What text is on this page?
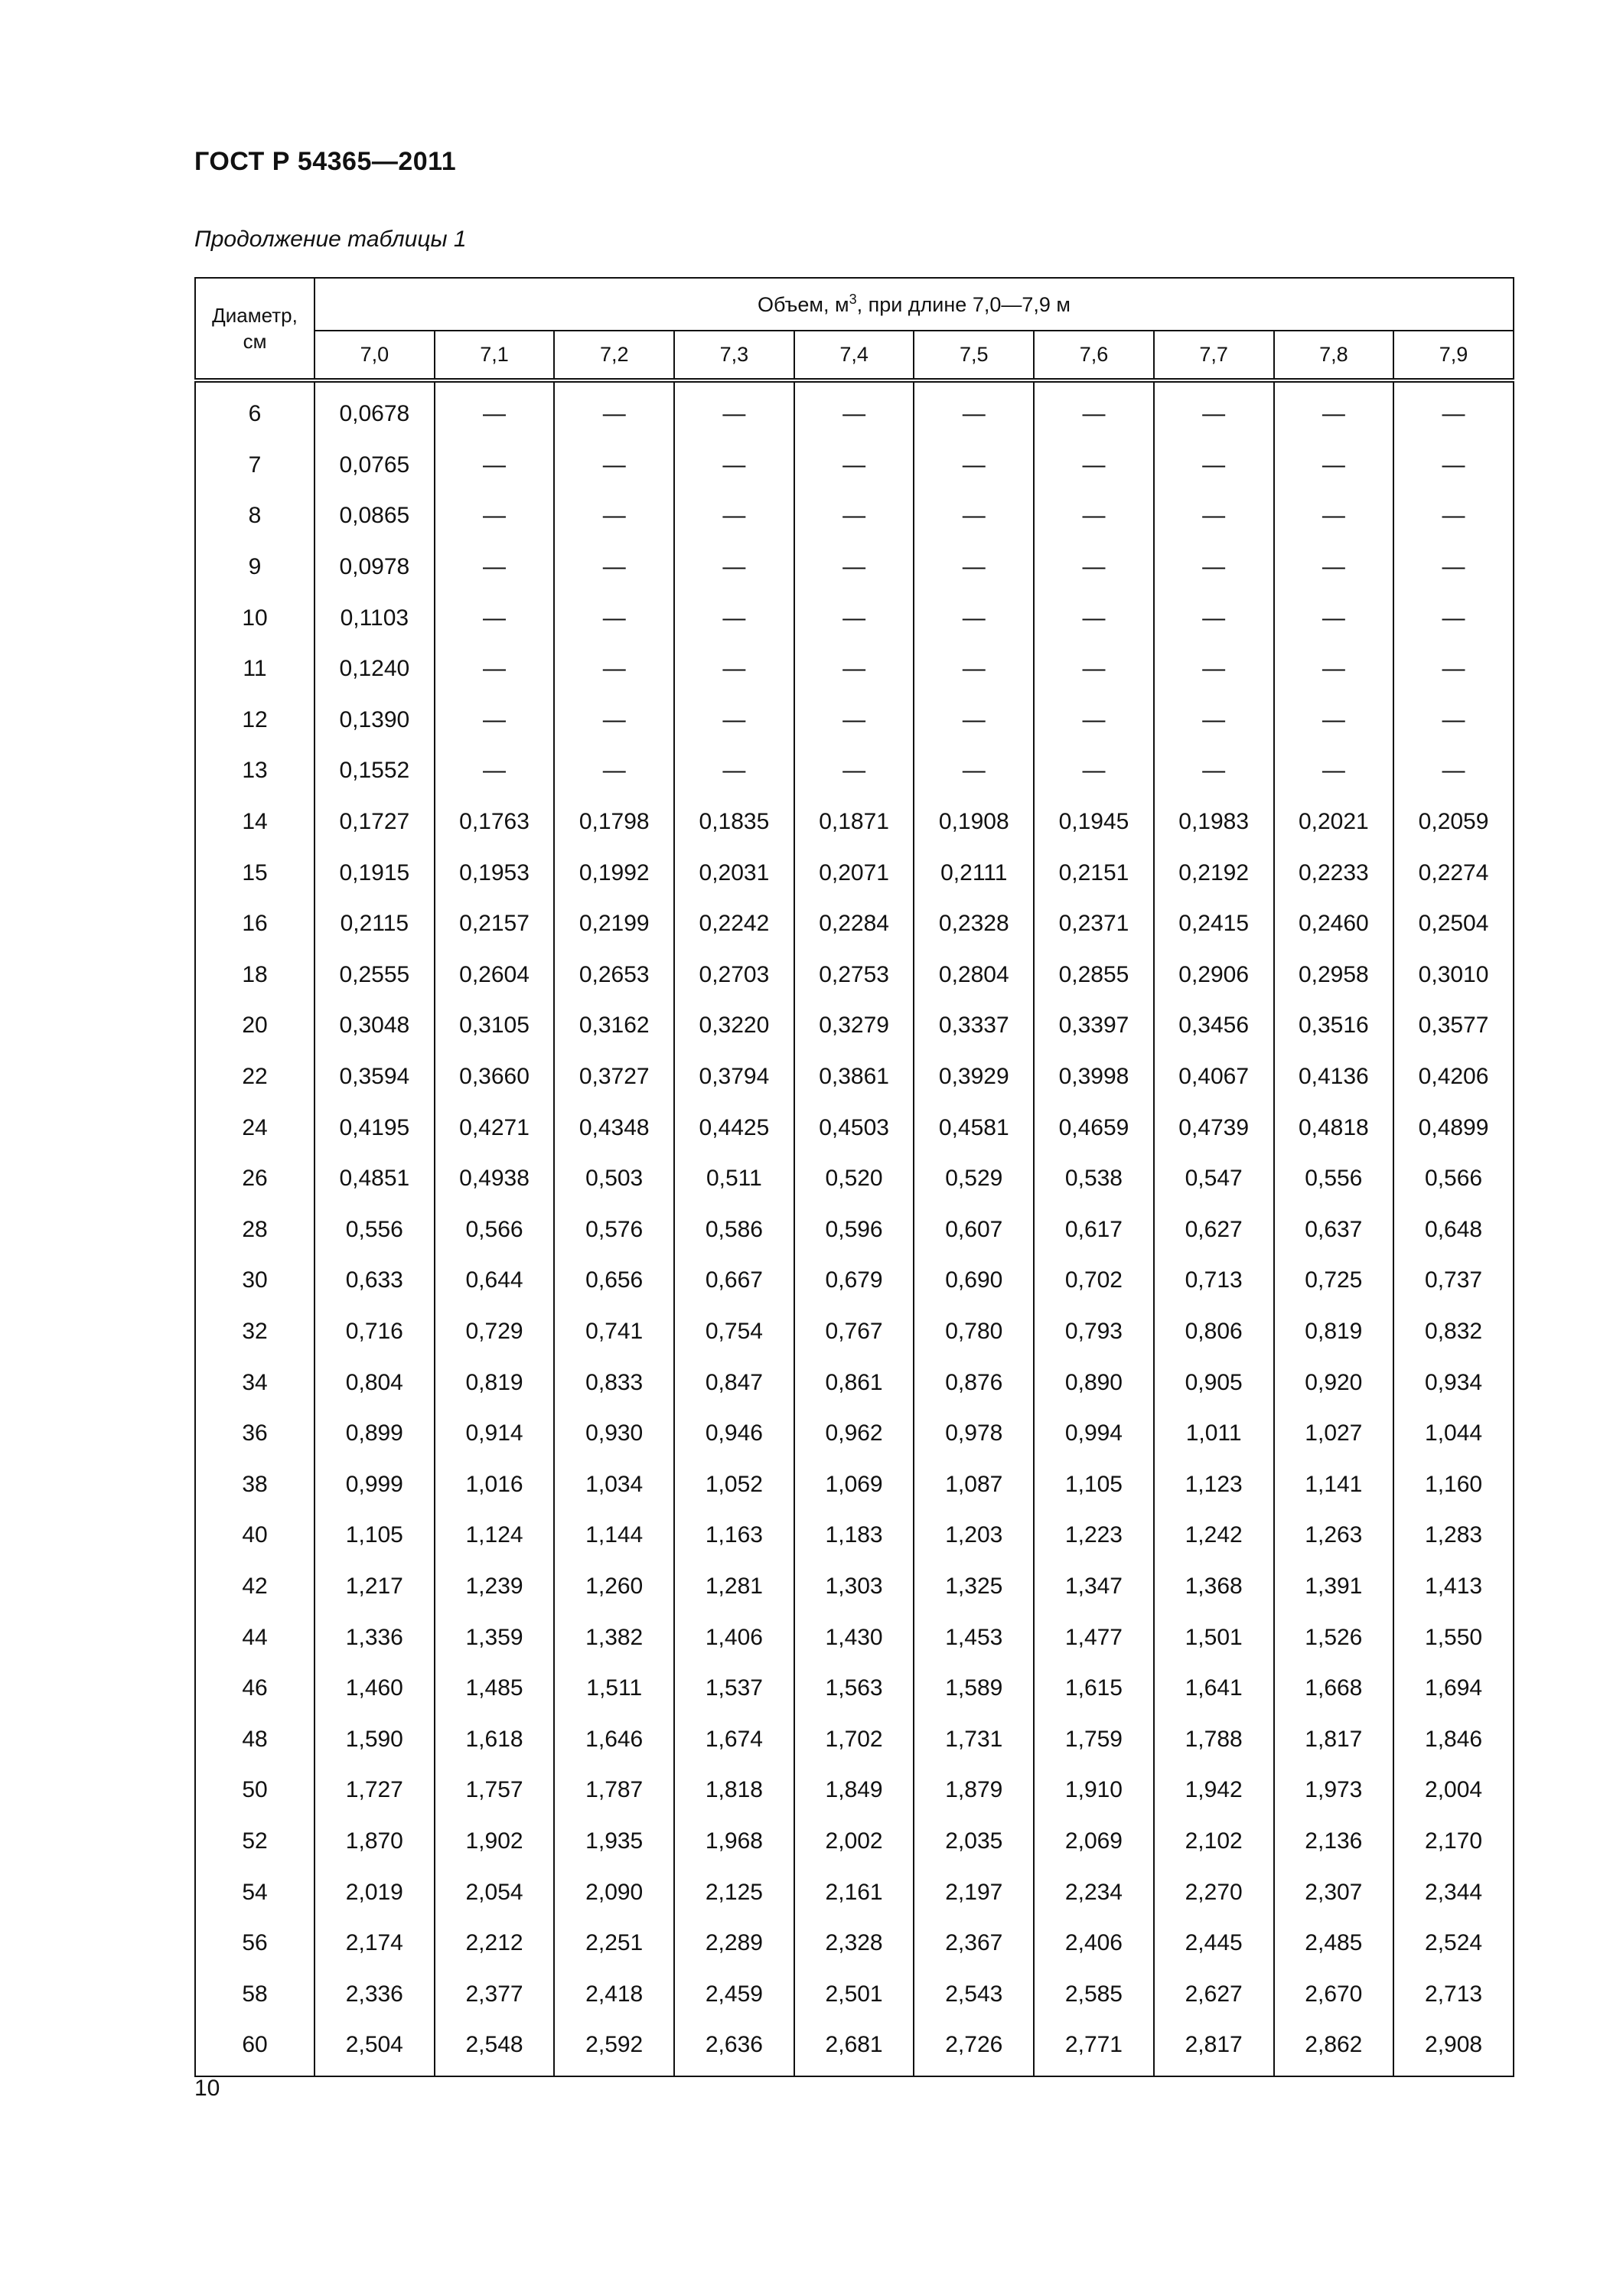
ГОСТ Р 54365—2011
Продолжение таблицы 1
Диаметр,
см	Объем, $м^3$, при длине 7,0—7,9 м									
	7,0	7,1	7,2	7,3	7,4	7,5	7,6	7,7	7,8	7,9
6	0,0678	—	—	—	—	—	—	—	—	—
7	0,0765	—	—	—	—	—	—	—	—	—
8	0,0865	—	—	—	—	—	—	—	—	—
9	0,0978	—	—	—	—	—	—	—	—	—
10	0,1103	—	—	—	—	—	—	—	—	—
11	0,1240	—	—	—	—	—	—	—	—	—
12	0,1390	—	—	—	—	—	—	—	—	—
13	0,1552	—	—	—	—	—	—	—	—	—
14	0,1727	0,1763	0,1798	0,1835	0,1871	0,1908	0,1945	0,1983	0,2021	0,2059
15	0,1915	0,1953	0,1992	0,2031	0,2071	0,2111	0,2151	0,2192	0,2233	0,2274
16	0,2115	0,2157	0,2199	0,2242	0,2284	0,2328	0,2371	0,2415	0,2460	0,2504
18	0,2555	0,2604	0,2653	0,2703	0,2753	0,2804	0,2855	0,2906	0,2958	0,3010
20	0,3048	0,3105	0,3162	0,3220	0,3279	0,3337	0,3397	0,3456	0,3516	0,3577
22	0,3594	0,3660	0,3727	0,3794	0,3861	0,3929	0,3998	0,4067	0,4136	0,4206
24	0,4195	0,4271	0,4348	0,4425	0,4503	0,4581	0,4659	0,4739	0,4818	0,4899
26	0,4851	0,4938	0,503	0,511	0,520	0,529	0,538	0,547	0,556	0,566
28	0,556	0,566	0,576	0,586	0,596	0,607	0,617	0,627	0,637	0,648
30	0,633	0,644	0,656	0,667	0,679	0,690	0,702	0,713	0,725	0,737
32	0,716	0,729	0,741	0,754	0,767	0,780	0,793	0,806	0,819	0,832
34	0,804	0,819	0,833	0,847	0,861	0,876	0,890	0,905	0,920	0,934
36	0,899	0,914	0,930	0,946	0,962	0,978	0,994	1,011	1,027	1,044
38	0,999	1,016	1,034	1,052	1,069	1,087	1,105	1,123	1,141	1,160
40	1,105	1,124	1,144	1,163	1,183	1,203	1,223	1,242	1,263	1,283
42	1,217	1,239	1,260	1,281	1,303	1,325	1,347	1,368	1,391	1,413
44	1,336	1,359	1,382	1,406	1,430	1,453	1,477	1,501	1,526	1,550
46	1,460	1,485	1,511	1,537	1,563	1,589	1,615	1,641	1,668	1,694
48	1,590	1,618	1,646	1,674	1,702	1,731	1,759	1,788	1,817	1,846
50	1,727	1,757	1,787	1,818	1,849	1,879	1,910	1,942	1,973	2,004
52	1,870	1,902	1,935	1,968	2,002	2,035	2,069	2,102	2,136	2,170
54	2,019	2,054	2,090	2,125	2,161	2,197	2,234	2,270	2,307	2,344
56	2,174	2,212	2,251	2,289	2,328	2,367	2,406	2,445	2,485	2,524
58	2,336	2,377	2,418	2,459	2,501	2,543	2,585	2,627	2,670	2,713
60	2,504	2,548	2,592	2,636	2,681	2,726	2,771	2,817	2,862	2,908
10
